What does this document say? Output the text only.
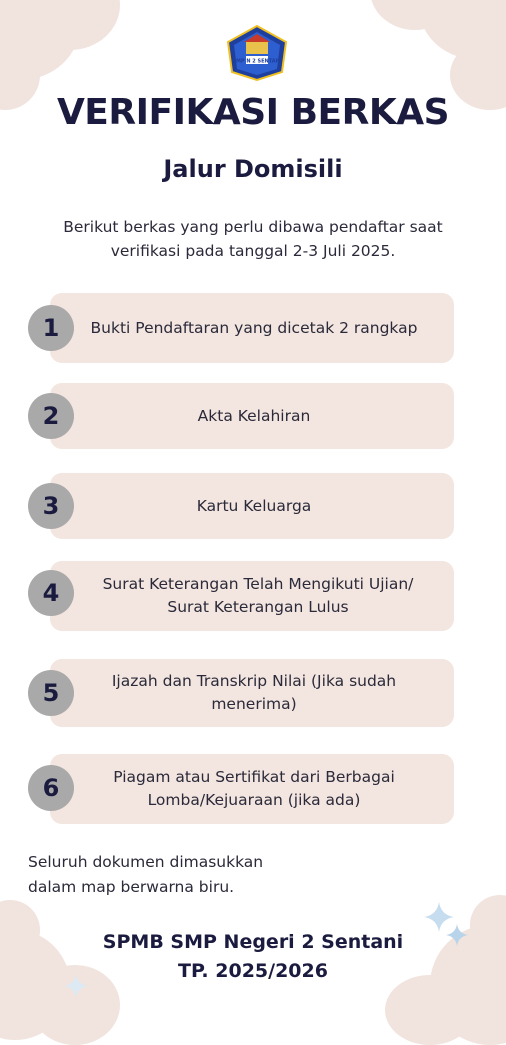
SMP N 2 SENTANI
VERIFIKASI BERKAS
Jalur Domisili
Berikut berkas yang perlu dibawa pendaftar saat verifikasi pada tanggal 2-3 Juli 2025.
Bukti Pendaftaran yang dicetak 2 rangkap
1
Akta Kelahiran
2
Kartu Keluarga
3
Surat Keterangan Telah Mengikuti Ujian/ Surat Keterangan Lulus
4
Ijazah dan Transkrip Nilai (Jika sudah menerima)
5
Piagam atau Sertifikat dari Berbagai Lomba/Kejuaraan (jika ada)
6
Seluruh dokumen dimasukkan
dalam map berwarna biru.
SPMB SMP Negeri 2 Sentani
TP. 2025/2026
